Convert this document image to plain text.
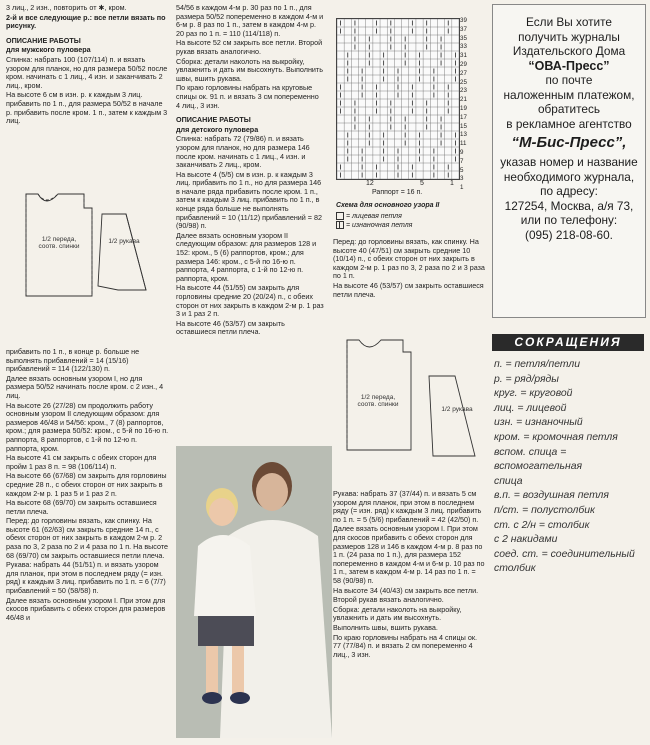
3 лиц., 2 изн., повторить от ✱, кром.

2-й и все следующие р.: все петли вязать по рисунку.

ОПИСАНИЕ РАБОТЫ

для мужского пуловера

Спинка: набрать 100 (107/114) п. и вязать узором для планок, но для размера 50/52 после кром. начинать с 1 лиц., 4 изн. и заканчивать 2 лиц., кром.

На высоте 6 см в изн. р. к каждым 3 лиц. прибавить по 1 п., для размера 50/52 в начале р. прибавить после кром. 1 п., затем к каждым 3 лиц.

1/2 переда, соотв. спинки
1/2 рукава

прибавить по 1 п., в конце р. больше не выполнять прибавлений = 14 (15/16) прибавлений = 114 (122/130) п.

Далее вязать основным узором I, но для размера 50/52 начинать после кром. с 2 изн., 4 лиц.

На высоте 26 (27/28) см продолжить работу основным узором II следующим образом: для размеров 46/48 и 54/56: кром., 7 (8) раппортов, кром.; для размера 50/52: кром., с 5-й по 16-ю п. раппорта, 8 раппортов, с 1-й по 12-ю п. раппорта, кром.

На высоте 41 см закрыть с обеих сторон для пройм 1 раз 8 п. = 98 (106/114) п.

На высоте 66 (67/68) см закрыть для горловины средние 28 п., с обеих сторон от них закрыть в каждом 2-м р. 1 раз 5 и 1 раз 2 п.

На высоте 68 (69/70) см закрыть оставшиеся петли плеча.

Перед: до горловины вязать, как спинку. На высоте 61 (62/63) см закрыть средние 14 п., с обеих сторон от них закрыть в каждом 2-м р. 2 раза по 3, 2 раза по 2 и 4 раза по 1 п. На высоте 68 (69/70) см закрыть оставшиеся петли плеча.

Рукава: набрать 44 (51/51) п. и вязать узором для планок, при этом в последнем ряду (= изн. ряд) к каждым 3 лиц. прибавить по 1 п. = 6 (7/7) прибавлений = 50 (58/58) п.

Далее вязать основным узором I. При этом для скосов прибавить с обеих сторон для размеров 46/48 и

54/56 в каждом 4-м р. 30 раз по 1 п., для размера 50/52 попеременно в каждом 4-м и 6-м р. 8 раз по 1 п., затем в каждом 4-м р. 20 раз по 1 п. = 110 (114/118) п.

На высоте 52 см закрыть все петли. Второй рукав вязать аналогично.

Сборка: детали наколоть на выкройку, увлажнить и дать им высохнуть. Выполнить швы, вшить рукава.

По краю горловины набрать на круговые спицы ок. 91 п. и вязать 3 см попеременно 4 лиц., 3 изн.

ОПИСАНИЕ РАБОТЫ

для детского пуловера

Спинка: набрать 72 (79/86) п. и вязать узором для планок, но для размера 146 после кром. начинать с 1 лиц., 4 изн. и заканчивать 2 лиц., кром.

На высоте 4 (5/5) см в изн. р. к каждым 3 лиц. прибавить по 1 п., но для размера 146 в начале ряда прибавить после кром. 1 п., затем к каждым 3 лиц. прибавить по 1 п., в конце ряда больше не выполнять прибавлений = 10 (11/12) прибавлений = 82 (90/98) п.

Далее вязать основным узором II следующим образом: для размеров 128 и 152: кром., 5 (6) раппортов, кром.; для размера 146: кром., с 5-й по 16-ю п. раппорта, 4 раппорта, с 1-й по 12-ю п. раппорта, кром.

На высоте 44 (51/55) см закрыть для горловины средние 20 (20/24) п., с обеих сторон от них закрыть в каждом 2-м р. 1 раз 3 и 1 раз 2 п.

На высоте 46 (53/57) см закрыть оставшиеся петли плеча.

39
37
35
33
31
29
27
25
23
21
19
17
15
13
11
9
7
5
3
1
12	5	1
Раппорт = 16 п.
Схема для основного узора II
= лицевая петля
= изнаночная петля

Перед: до горловины вязать, как спинку. На высоте 40 (47/51) см закрыть средние 10 (10/14) п., с обеих сторон от них закрыть в каждом 2-м р. 1 раз по 3, 2 раза по 2 и 3 раза по 1 п.

На высоте 46 (53/57) см закрыть оставшиеся петли плеча.

1/2 переда, соотв. спинки
1/2 рукава

Рукава: набрать 37 (37/44) п. и вязать 5 см узором для планок, при этом в последнем ряду (= изн. ряд) к каждым 3 лиц. прибавить по 1 п. = 5 (5/6) прибавлений = 42 (42/50) п.

Далее вязать основным узором I. При этом для скосов прибавить с обеих сторон для размеров 128 и 146 в каждом 4-м р. 8 раз по 1 п. (24 раза по 1 п.), для размера 152 попеременно в каждом 4-м и 6-м р. 10 раз по 1 п., затем в каждом 4-м р. 14 раз по 1 п. = 58 (90/98) п.

На высоте 34 (40/43) см закрыть все петли.

Второй рукав вязать аналогично.

Сборка: детали наколоть на выкройку, увлажнить и дать им высохнуть.

Выполнить швы, вшить рукава.

По краю горловины набрать на 4 спицы ок. 77 (77/84) п. и вязать 2 см попеременно 4 лиц., 3 изн.

Если Вы хотите
получить журналы
Издательского Дома
“ОВА-Пресс”
по почте
наложенным платежом,
обратитесь
в рекламное агентство
“М-Бис-Пресс”,
указав номер и название
необходимого журнала,
по адресу:
127254, Москва, а/я 73,
или по телефону:
(095) 218-08-60.
СОКРАЩЕНИЯ
п. = петля/петли
р. = ряд/ряды
круг. = круговой
лиц. = лицевой
изн. = изнаночный
кром. = кромочная петля
вспом. спица =
вспомогательная
спица
в.п. = воздушная петля
п/ст. = полустолбик
ст. с 2/н = столбик
с 2 накидами
соед. ст. = соединительный
столбик
